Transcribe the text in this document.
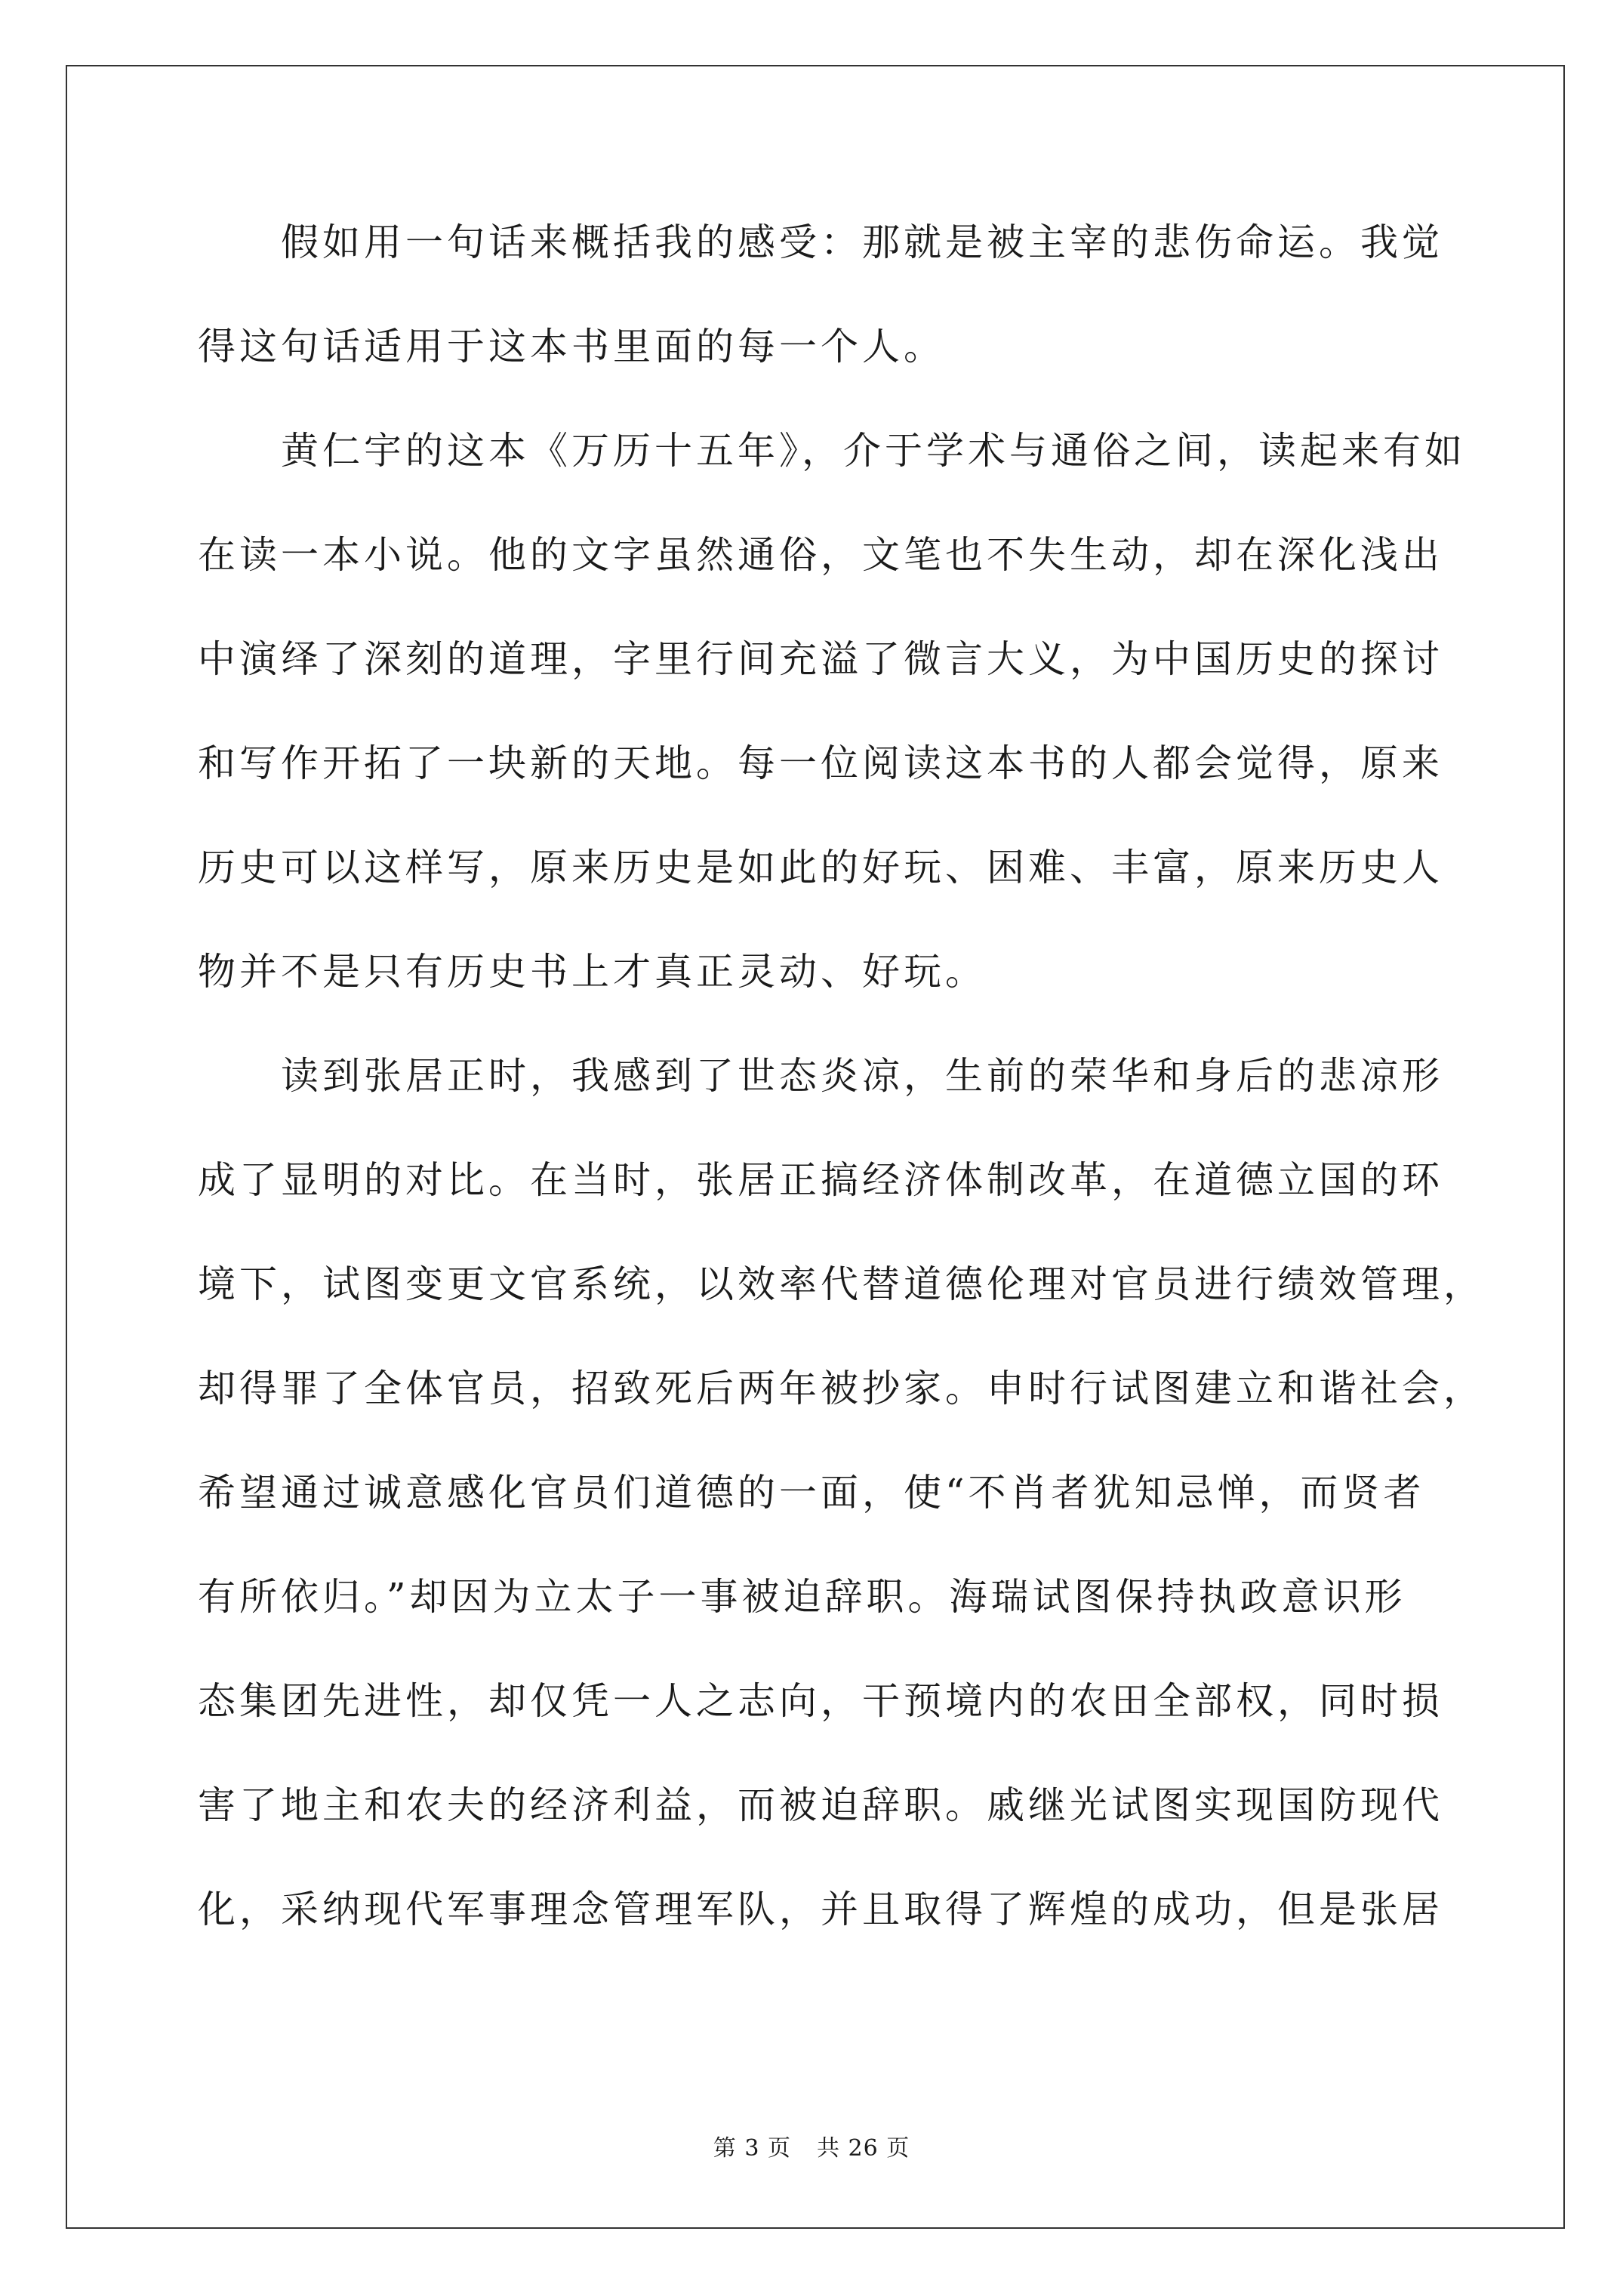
假如用一句话来概括我的感受：那就是被主宰的悲伤命运。我觉
得这句话适用于这本书里面的每一个人。
黄仁宇的这本《万历十五年》，介于学术与通俗之间，读起来有如
在读一本小说。他的文字虽然通俗，文笔也不失生动，却在深化浅出
中演绎了深刻的道理，字里行间充溢了微言大义，为中国历史的探讨
和写作开拓了一块新的天地。每一位阅读这本书的人都会觉得，原来
历史可以这样写，原来历史是如此的好玩、困难、丰富，原来历史人
物并不是只有历史书上才真正灵动、好玩。
读到张居正时，我感到了世态炎凉，生前的荣华和身后的悲凉形
成了显明的对比。在当时，张居正搞经济体制改革，在道德立国的环
境下，试图变更文官系统，以效率代替道德伦理对官员进行绩效管理，
却得罪了全体官员，招致死后两年被抄家。申时行试图建立和谐社会，
希望通过诚意感化官员们道德的一面，使“不肖者犹知忌惮，而贤者
有所依归。”却因为立太子一事被迫辞职。海瑞试图保持执政意识形
态集团先进性，却仅凭一人之志向，干预境内的农田全部权，同时损
害了地主和农夫的经济利益，而被迫辞职。戚继光试图实现国防现代
化，采纳现代军事理念管理军队，并且取得了辉煌的成功，但是张居
第 3 页 共 26 页
